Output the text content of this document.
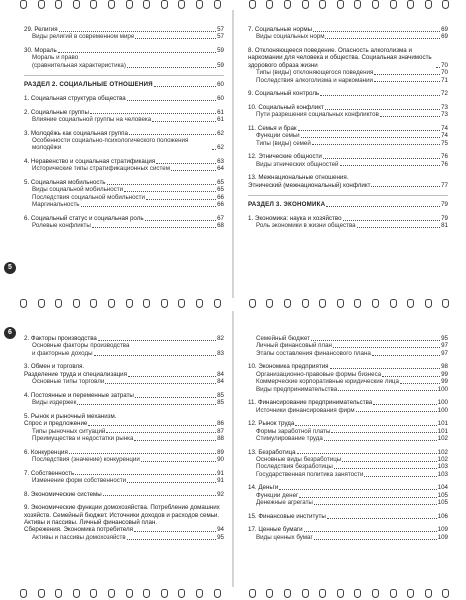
29. Религия	57
Виды религий в современном мире	57
30. Мораль	59
Мораль и право
(сравнительная характеристика)	59
РАЗДЕЛ 2. СОЦИАЛЬНЫЕ ОТНОШЕНИЯ	60
1. Социальная структура общества	60
2. Социальные группы	61
Влияние социальной группы на человека	61
3. Молодёжь как социальная группа	62
Особенности социально-психологического положения молодёжи	62
4. Неравенство и социальная стратификация	63
Исторические типы стратификационных систем	64
5. Социальная мобильность	65
Виды социальной мобильности	65
Последствия социальной мобильности	66
Маргинальность	66
6. Социальный статус и социальная роль	67
Ролевые конфликты	68
7. Социальные нормы	69
Виды социальных норм	69
8. Отклоняющееся поведение. Опасность алкоголизма и наркомании для человека и общества. Социальная значимость здорового образа жизни	70
Типы (виды) отклоняющегося поведения	70
Последствия алкоголизма и наркомании	71
9. Социальный контроль	72
10. Социальный конфликт	73
Пути разрешения социальных конфликтов	73
11. Семья и брак	74
Функции семьи	74
Типы (виды) семей	75
12. Этнические общности	76
Виды этнических общностей	76
13. Межнациональные отношения.
Этнический (межнациональный) конфликт	77
РАЗДЕЛ 3. ЭКОНОМИКА	79
1. Экономика: наука и хозяйство	79
Роль экономики в жизни общества	81
2. Факторы производства	82
Основные факторы производства
и факторные доходы	83
3. Обмен и торговля.
Разделение труда и специализация	84
Основные типы торговли	84
4. Постоянные и переменные затраты	85
Виды издержек	85
5. Рынок и рыночный механизм.
Спрос и предложение	86
Типы рыночных ситуаций	87
Преимущества и недостатки рынка	88
6. Конкуренция	89
Последствия (значение) конкуренции	90
7. Собственность	91
Изменение форм собственности	91
8. Экономические системы	92
9. Экономические функции домохозяйства. Потребление домашних хозяйств. Семейный бюджет. Источники доходов и расходов семьи. Активы и пассивы. Личный финансовый план.
Сбережения. Экономика потребителя	94
Активы и пассивы домохозяйств	95
Семейный бюджет	95
Личный финансовый план	97
Этапы составления финансового плана	97
10. Экономика предприятия	98
Организационно-правовые формы бизнеса	99
Коммерческие корпоративные юридические лица	99
Виды предпринимательства	100
11. Финансирование предпринимательства	100
Источники финансирования фирм	100
12. Рынок труда	101
Формы заработной платы	101
Стимулирование труда	102
13. Безработица	102
Основные виды безработицы	102
Последствия безработицы	103
Государственная политика занятости	103
14. Деньги	104
Функции денег	105
Денежные агрегаты	105
15. Финансовые институты	106
17. Ценные бумаги	109
Виды ценных бумаг	109
5
6
